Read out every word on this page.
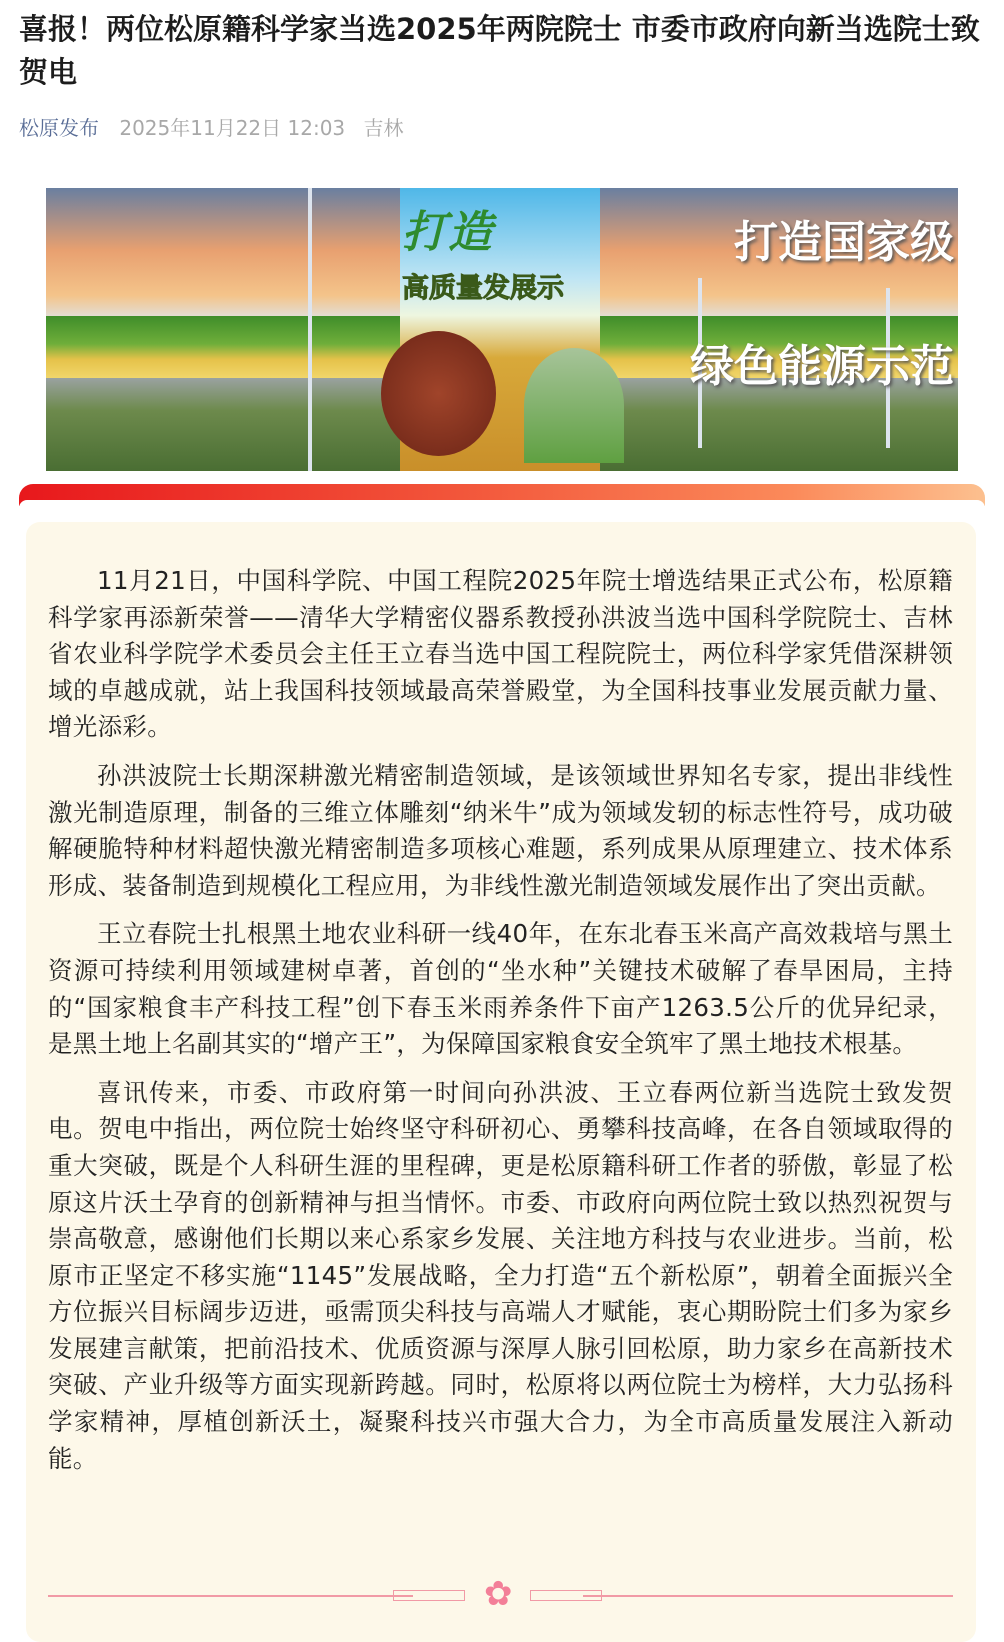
喜报！两位松原籍科学家当选2025年两院院士 市委市政府向新当选院士致贺电
松原发布 2025年11月22日 12:03 吉林
打造
高质量发展示
打造国家级
绿色能源示范

11月21日，中国科学院、中国工程院2025年院士增选结果正式公布，松原籍科学家再添新荣誉——清华大学精密仪器系教授孙洪波当选中国科学院院士、吉林省农业科学院学术委员会主任王立春当选中国工程院院士，两位科学家凭借深耕领域的卓越成就，站上我国科技领域最高荣誉殿堂，为全国科技事业发展贡献力量、增光添彩。

孙洪波院士长期深耕激光精密制造领域，是该领域世界知名专家，提出非线性激光制造原理，制备的三维立体雕刻“纳米牛”成为领域发轫的标志性符号，成功破解硬脆特种材料超快激光精密制造多项核心难题，系列成果从原理建立、技术体系形成、装备制造到规模化工程应用，为非线性激光制造领域发展作出了突出贡献。

王立春院士扎根黑土地农业科研一线40年，在东北春玉米高产高效栽培与黑土资源可持续利用领域建树卓著，首创的“坐水种”关键技术破解了春旱困局，主持的“国家粮食丰产科技工程”创下春玉米雨养条件下亩产1263.5公斤的优异纪录，是黑土地上名副其实的“增产王”，为保障国家粮食安全筑牢了黑土地技术根基。

喜讯传来，市委、市政府第一时间向孙洪波、王立春两位新当选院士致发贺电。贺电中指出，两位院士始终坚守科研初心、勇攀科技高峰，在各自领域取得的重大突破，既是个人科研生涯的里程碑，更是松原籍科研工作者的骄傲，彰显了松原这片沃土孕育的创新精神与担当情怀。市委、市政府向两位院士致以热烈祝贺与崇高敬意，感谢他们长期以来心系家乡发展、关注地方科技与农业进步。当前，松原市正坚定不移实施“1145”发展战略，全力打造“五个新松原”，朝着全面振兴全方位振兴目标阔步迈进，亟需顶尖科技与高端人才赋能，衷心期盼院士们多为家乡发展建言献策，把前沿技术、优质资源与深厚人脉引回松原，助力家乡在高新技术突破、产业升级等方面实现新跨越。同时，松原将以两位院士为榜样，大力弘扬科学家精神，厚植创新沃土，凝聚科技兴市强大合力，为全市高质量发展注入新动能。

✿
